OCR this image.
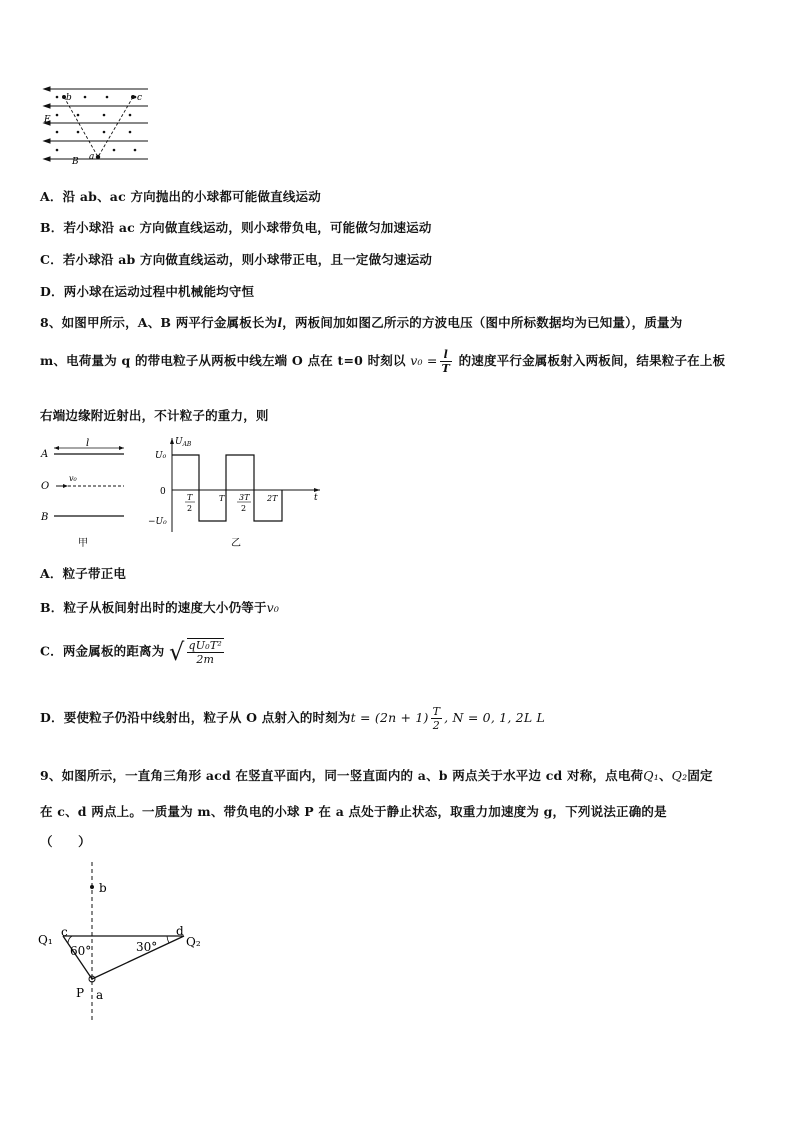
b	c
E
a
B
A．沿 ab、ac 方向抛出的小球都可能做直线运动
B．若小球沿 ac 方向做直线运动，则小球带负电，可能做匀加速运动
C．若小球沿 ab 方向做直线运动，则小球带正电，且一定做匀速运动
D．两小球在运动过程中机械能均守恒
8、如图甲所示，A、B 两平行金属板长为l，两板间加如图乙所示的方波电压（图中所标数据均为已知量），质量为
m、电荷量为 q 的带电粒子从两板中线左端 O 点在 t=0 时刻以 $v_0 = \frac{l}{T}$ 的速度平行金属板射入两板间，结果粒子在上板
右端边缘附近射出，不计粒子的重力，则
A
O
B
l
v₀
甲
$U_{AB}$
U₀
0
−U₀
T
2
T 3T
2
2T	t
乙
A．粒子带正电
B．粒子从板间射出时的速度大小仍等于v₀
C．两金属板的距离为 √ $\frac{\text{qU₀T²}}{2m}$
D．要使粒子仍沿中线射出，粒子从 O 点射入的时刻为$t = (2n + 1) \frac{T}{2}$ , N = 0, 1, 2L L
9、如图所示，一直角三角形 acd 在竖直平面内，同一竖直面内的 a、b 两点关于水平边 cd 对称，点电荷Q₁、Q₂固定
在 c、d 两点上。一质量为 m、带负电的小球 P 在 a 点处于静止状态，取重力加速度为 g，下列说法正确的是
（　　）
b
c	d
Q₁	Q₂
60°	30°
P a
